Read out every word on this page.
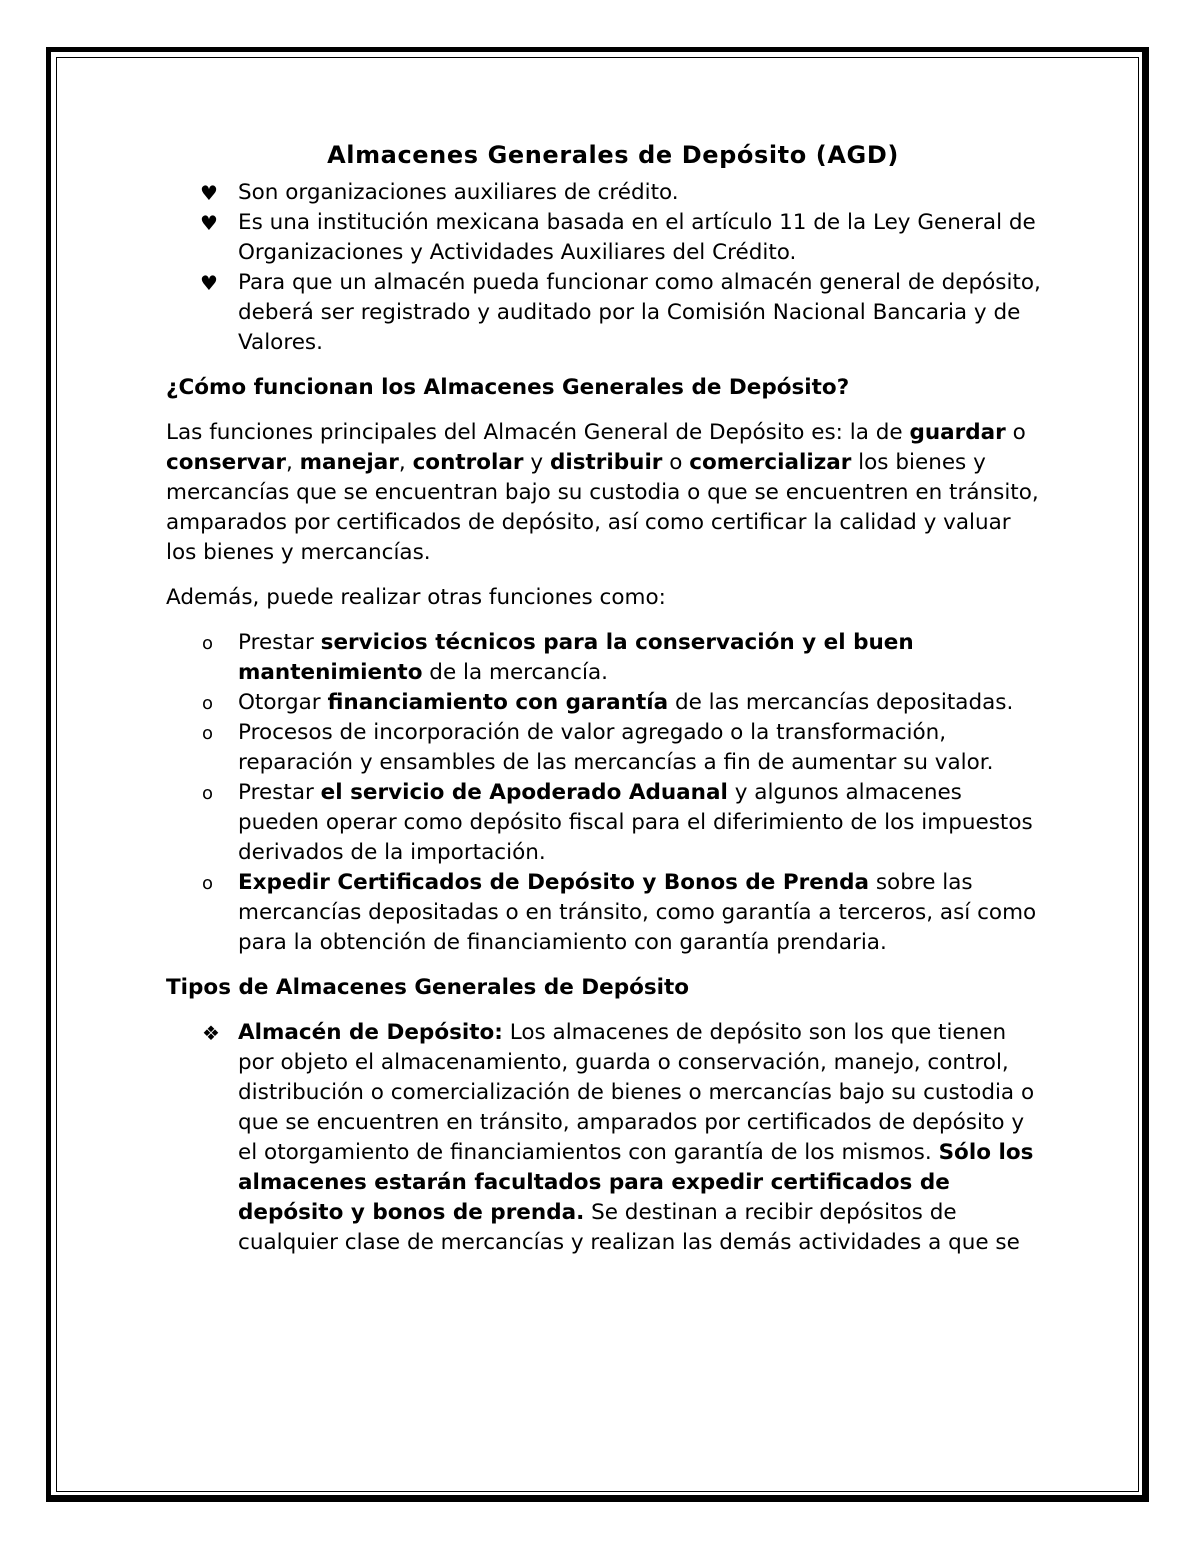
Almacenes Generales de Depósito (AGD)
♥ Son organizaciones auxiliares de crédito.
♥ Es una institución mexicana basada en el artículo 11 de la Ley General de Organizaciones y Actividades Auxiliares del Crédito.
♥ Para que un almacén pueda funcionar como almacén general de depósito, deberá ser registrado y auditado por la Comisión Nacional Bancaria y de Valores.
¿Cómo funcionan los Almacenes Generales de Depósito?

Las funciones principales del Almacén General de Depósito es: la de guardar o conservar, manejar, controlar y distribuir o comercializar los bienes y mercancías que se encuentran bajo su custodia o que se encuentren en tránsito, amparados por certificados de depósito, así como certificar la calidad y valuar los bienes y mercancías.

Además, puede realizar otras funciones como:

o	Prestar servicios técnicos para la conservación y el buen mantenimiento de la mercancía.
o	Otorgar financiamiento con garantía de las mercancías depositadas.
o	Procesos de incorporación de valor agregado o la transformación, reparación y ensambles de las mercancías a fin de aumentar su valor.
o	Prestar el servicio de Apoderado Aduanal y algunos almacenes pueden operar como depósito fiscal para el diferimiento de los impuestos derivados de la importación.
o	Expedir Certificados de Depósito y Bonos de Prenda sobre las mercancías depositadas o en tránsito, como garantía a terceros, así como para la obtención de financiamiento con garantía prendaria.
Tipos de Almacenes Generales de Depósito
❖ Almacén de Depósito: Los almacenes de depósito son los que tienen por objeto el almacenamiento, guarda o conservación, manejo, control, distribución o comercialización de bienes o mercancías bajo su custodia o que se encuentren en tránsito, amparados por certificados de depósito y el otorgamiento de financiamientos con garantía de los mismos. Sólo los almacenes estarán facultados para expedir certificados de depósito y bonos de prenda. Se destinan a recibir depósitos de cualquier clase de mercancías y realizan las demás actividades a que se
